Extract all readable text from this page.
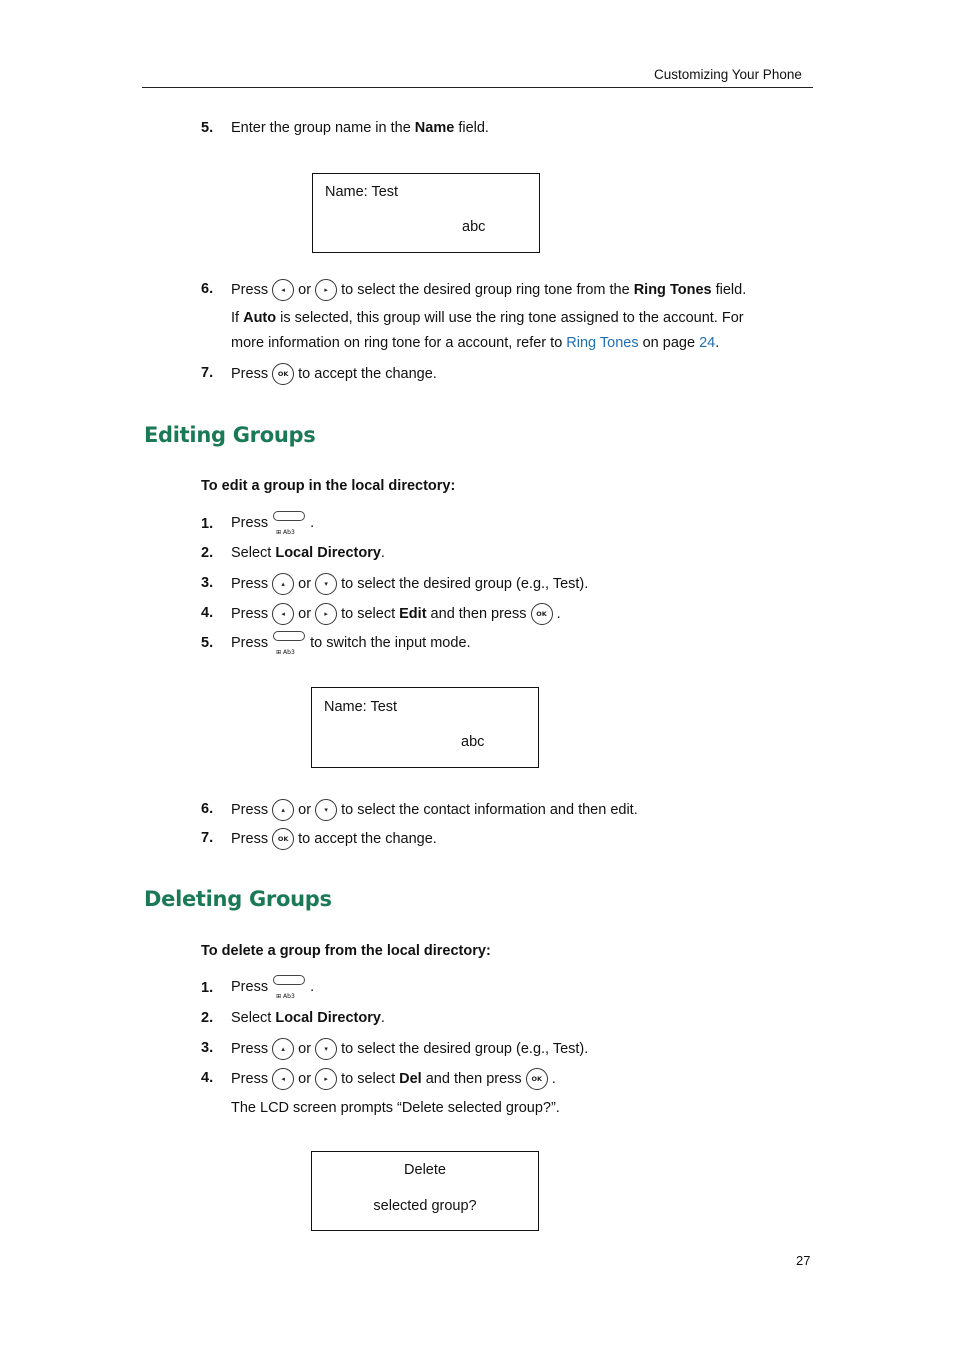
Customizing Your Phone
5. Enter the group name in the Name field.
Name: Test
abc
6. Press ◂ or ▸ to select the desired group ring tone from the Ring Tones field.
If Auto is selected, this group will use the ring tone assigned to the account. For
more information on ring tone for a account, refer to Ring Tones on page 24.
7. Press OK to accept the change.
Editing Groups
To edit a group in the local directory:
1. Press
⊞ Ab3
.
2. Select Local Directory.
3. Press ▴ or ▾ to select the desired group (e.g., Test).
4. Press ◂ or ▸ to select Edit and then press OK .
5. Press
⊞ Ab3
to switch the input mode.
Name: Test
abc
6. Press ▴ or ▾ to select the contact information and then edit.
7. Press OK to accept the change.
Deleting Groups
To delete a group from the local directory:
1. Press
⊞ Ab3
.
2. Select Local Directory.
3. Press ▴ or ▾ to select the desired group (e.g., Test).
4. Press ◂ or ▸ to select Del and then press OK .
The LCD screen prompts “Delete selected group?”.
Delete
selected group?
27
